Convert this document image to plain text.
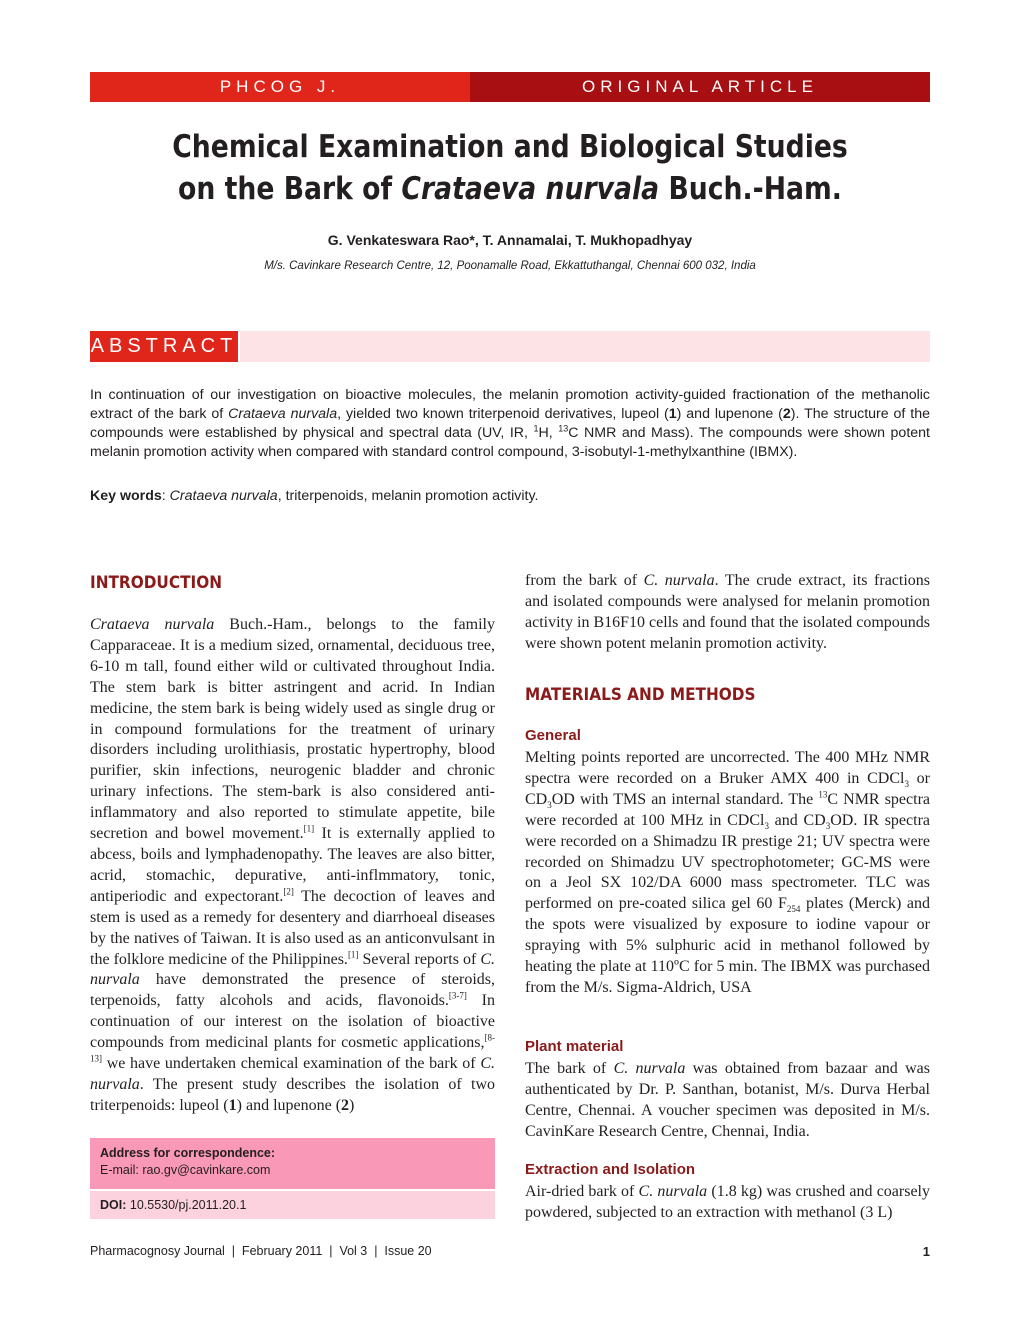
PHCOG J.	ORIGINAL ARTICLE
Chemical Examination and Biological Studies
on the Bark of Crataeva nurvala Buch.-Ham.
G. Venkateswara Rao*, T. Annamalai, T. Mukhopadhyay
M/s. Cavinkare Research Centre, 12, Poonamalle Road, Ekkattuthangal, Chennai 600 032, India
ABSTRACT
In continuation of our investigation on bioactive molecules, the melanin promotion activity-guided fractionation of the methanolic extract of the bark of Crataeva nurvala, yielded two known triterpenoid derivatives, lupeol (1) and lupenone (2). The structure of the compounds were established by physical and spectral data (UV, IR, $^1$H, $^{13}$C NMR and Mass). The compounds were shown potent melanin promotion activity when compared with standard control compound, 3-isobutyl-1-methylxanthine (IBMX).
Key words: Crataeva nurvala, triterpenoids, melanin promotion activity.
INTRODUCTION
Crataeva nurvala Buch.-Ham., belongs to the family Capparaceae. It is a medium sized, ornamental, deciduous tree, 6-10 m tall, found either wild or cultivated throughout India. The stem bark is bitter astringent and acrid. In Indian medicine, the stem bark is being widely used as single drug or in compound formulations for the treatment of urinary disorders including urolithiasis, prostatic hypertrophy, blood purifier, skin infections, neurogenic bladder and chronic urinary infections. The stem-bark is also considered anti-inflammatory and also reported to stimulate appetite, bile secretion and bowel movement.[1] It is externally applied to abcess, boils and lymphadenopathy. The leaves are also bitter, acrid, stomachic, depurative, anti-inflmmatory, tonic, antiperiodic and expectorant.[2] The decoction of leaves and stem is used as a remedy for desentery and diarrhoeal diseases by the natives of Taiwan. It is also used as an anticonvulsant in the folklore medicine of the Philippines.[1] Several reports of C. nurvala have demonstrated the presence of steroids, terpenoids, fatty alcohols and acids, flavonoids.[3-7] In continuation of our interest on the isolation of bioactive compounds from medicinal plants for cosmetic applications,[8-13] we have undertaken chemical examination of the bark of C. nurvala. The present study describes the isolation of two triterpenoids: lupeol (1) and lupenone (2)
Address for correspondence:
E-mail: rao.gv@cavinkare.com
DOI: 10.5530/pj.2011.20.1
from the bark of C. nurvala. The crude extract, its fractions and isolated compounds were analysed for melanin promotion activity in B16F10 cells and found that the isolated compounds were shown potent melanin promotion activity.
MATERIALS AND METHODS
General
Melting points reported are uncorrected. The 400 MHz NMR spectra were recorded on a Bruker AMX 400 in CDCl$_3$ or $CD_3OD$ with TMS an internal standard. The $^{13}$C NMR spectra were recorded at 100 MHz in CDCl$_3$ and $CD_3OD$. IR spectra were recorded on a Shimadzu IR prestige 21; UV spectra were recorded on Shimadzu UV spectrophotometer; GC-MS were on a Jeol SX 102/DA 6000 mass spectrometer. TLC was performed on pre-coated silica gel 60 $F_{254}$ plates (Merck) and the spots were visualized by exposure to iodine vapour or spraying with 5% sulphuric acid in methanol followed by heating the plate at 110ºC for 5 min. The IBMX was purchased from the M/s. Sigma-Aldrich, USA
Plant material
The bark of C. nurvala was obtained from bazaar and was authenticated by Dr. P. Santhan, botanist, M/s. Durva Herbal Centre, Chennai. A voucher specimen was deposited in M/s. CavinKare Research Centre, Chennai, India.
Extraction and Isolation
Air-dried bark of C. nurvala (1.8 kg) was crushed and coarsely powdered, subjected to an extraction with methanol (3 L)
Pharmacognosy Journal  |  February 2011  |  Vol 3  |  Issue 20	1
